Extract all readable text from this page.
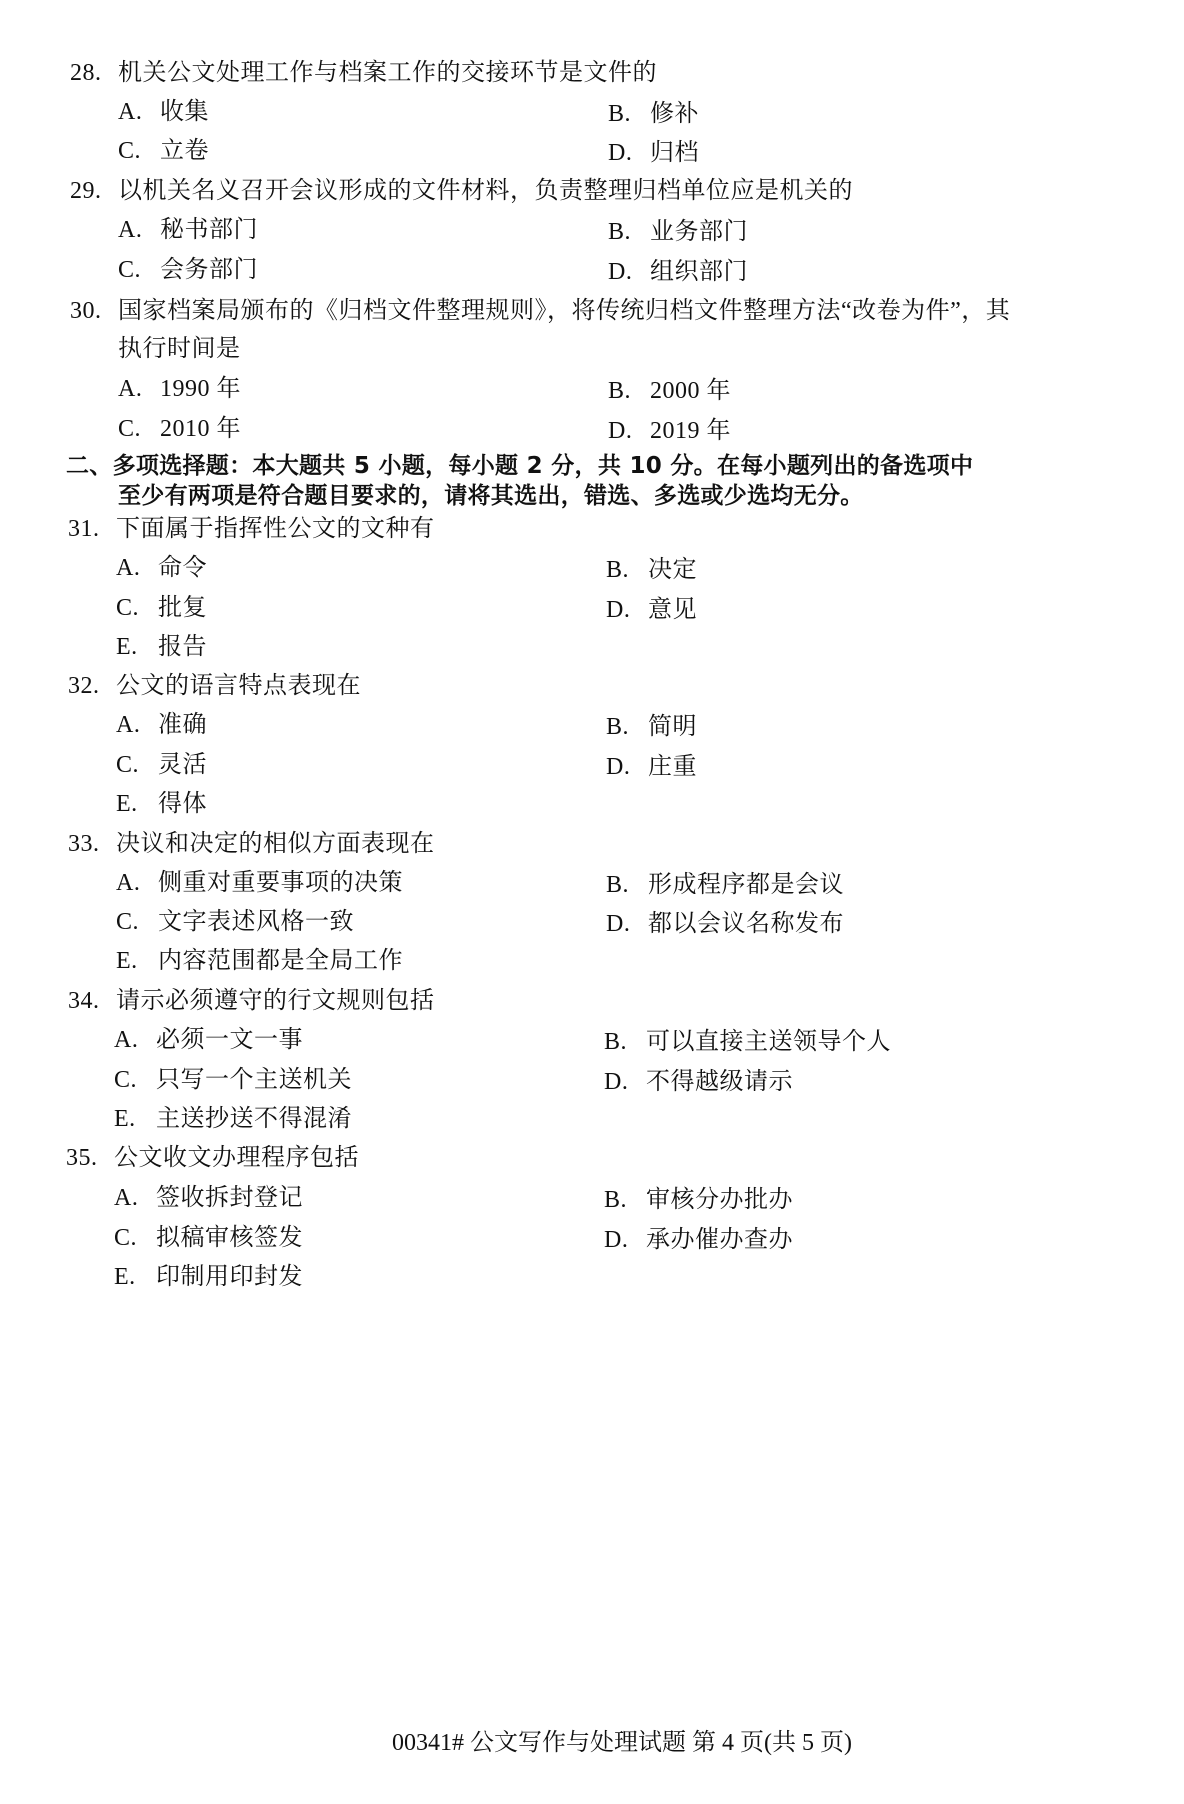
28. 机关公文处理工作与档案工作的交接环节是文件的
A. 收集	B. 修补
C. 立卷	D. 归档
29. 以机关名义召开会议形成的文件材料，负责整理归档单位应是机关的
A. 秘书部门	B. 业务部门
C. 会务部门	D. 组织部门
30. 国家档案局颁布的《归档文件整理规则》，将传统归档文件整理方法“改卷为件”，其
执行时间是
A. 1990 年	B. 2000 年
C. 2010 年	D. 2019 年
二、多项选择题：本大题共 5 小题，每小题 2 分，共 10 分。在每小题列出的备选项中
至少有两项是符合题目要求的，请将其选出，错选、多选或少选均无分。
31. 下面属于指挥性公文的文种有
A. 命令	B. 决定
C. 批复	D. 意见
E. 报告
32. 公文的语言特点表现在
A. 准确	B. 简明
C. 灵活	D. 庄重
E. 得体
33. 决议和决定的相似方面表现在
A. 侧重对重要事项的决策	B. 形成程序都是会议
C. 文字表述风格一致	D. 都以会议名称发布
E. 内容范围都是全局工作
34. 请示必须遵守的行文规则包括
A. 必须一文一事	B. 可以直接主送领导个人
C. 只写一个主送机关	D. 不得越级请示
E. 主送抄送不得混淆
35. 公文收文办理程序包括
A. 签收拆封登记	B. 审核分办批办
C. 拟稿审核签发	D. 承办催办查办
E. 印制用印封发
00341# 公文写作与处理试题 第 4 页(共 5 页)
